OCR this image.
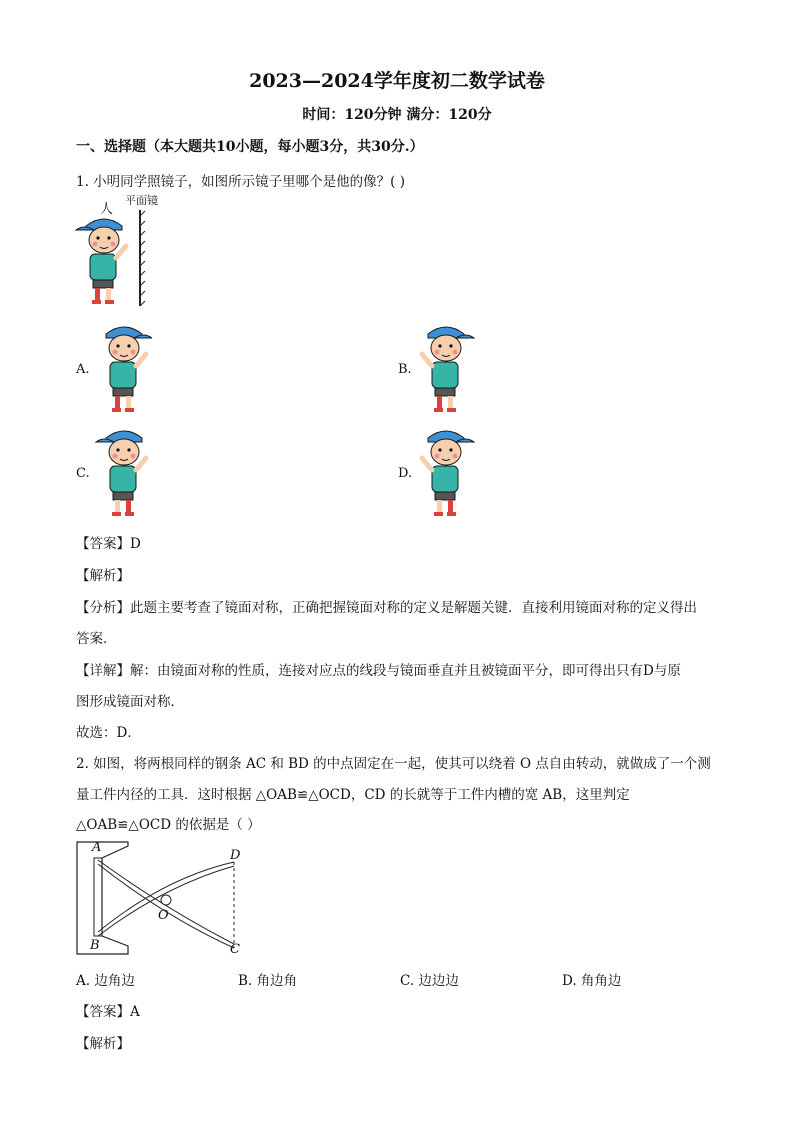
2023—2024学年度初二数学试卷
时间：120分钟 满分：120分
一、选择题（本大题共10小题，每小题3分，共30分.）
1. 小明同学照镜子，如图所示镜子里哪个是他的像？( )
人
平面镜
A.	B.
C.	D.
【答案】D
【解析】
【分析】此题主要考查了镜面对称，正确把握镜面对称的定义是解题关键．直接利用镜面对称的定义得出
答案．
【详解】解：由镜面对称的性质，连接对应点的线段与镜面垂直并且被镜面平分，即可得出只有D与原
图形成镜面对称．
故选：D．
2. 如图，将两根同样的钢条 AC 和 BD 的中点固定在一起，使其可以绕着 O 点自由转动，就做成了一个测
量工件内径的工具．这时根据 △OAB≌△OCD，CD 的长就等于工件内槽的宽 AB，这里判定
△OAB≌△OCD 的依据是（ ）
A
B	C
D
O
A. 边角边	B. 角边角	C. 边边边	D. 角角边
【答案】A
【解析】
